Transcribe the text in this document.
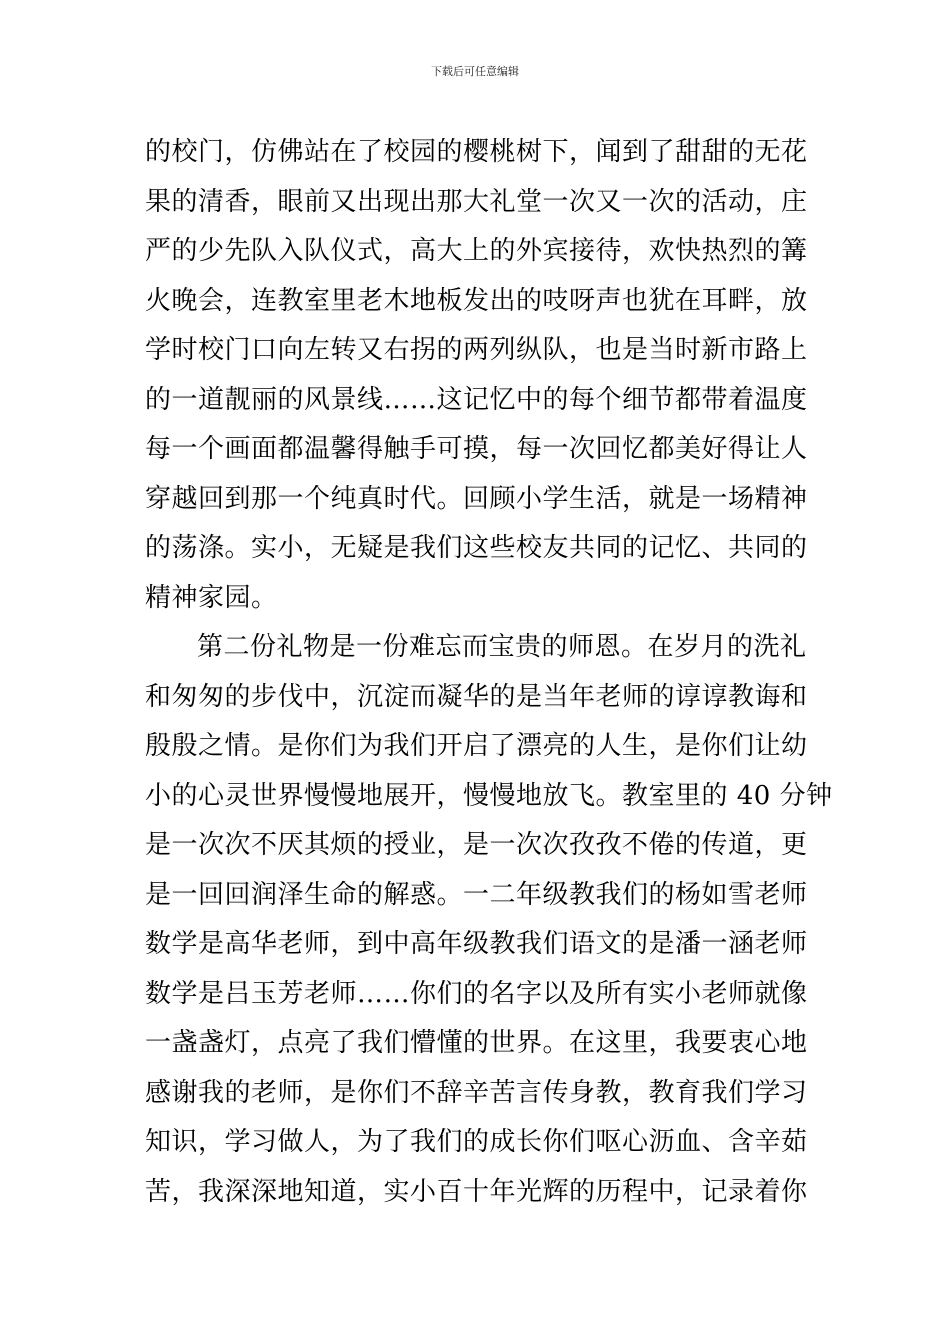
下载后可任意编辑
的校门，仿佛站在了校园的樱桃树下，闻到了甜甜的无花
果的清香，眼前又出现出那大礼堂一次又一次的活动，庄
严的少先队入队仪式，高大上的外宾接待，欢快热烈的篝
火晚会，连教室里老木地板发出的吱呀声也犹在耳畔，放
学时校门口向左转又右拐的两列纵队，也是当时新市路上
的一道靓丽的风景线……这记忆中的每个细节都带着温度
每一个画面都温馨得触手可摸，每一次回忆都美好得让人
穿越回到那一个纯真时代。回顾小学生活，就是一场精神
的荡涤。实小，无疑是我们这些校友共同的记忆、共同的
精神家园。
第二份礼物是一份难忘而宝贵的师恩。在岁月的洗礼
和匆匆的步伐中，沉淀而凝华的是当年老师的谆谆教诲和
殷殷之情。是你们为我们开启了漂亮的人生，是你们让幼
小的心灵世界慢慢地展开，慢慢地放飞。教室里的 40 分钟
是一次次不厌其烦的授业，是一次次孜孜不倦的传道，更
是一回回润泽生命的解惑。一二年级教我们的杨如雪老师
数学是高华老师，到中高年级教我们语文的是潘一涵老师
数学是吕玉芳老师……你们的名字以及所有实小老师就像
一盏盏灯，点亮了我们懵懂的世界。在这里，我要衷心地
感谢我的老师，是你们不辞辛苦言传身教，教育我们学习
知识，学习做人，为了我们的成长你们呕心沥血、含辛茹
苦，我深深地知道，实小百十年光辉的历程中，记录着你
